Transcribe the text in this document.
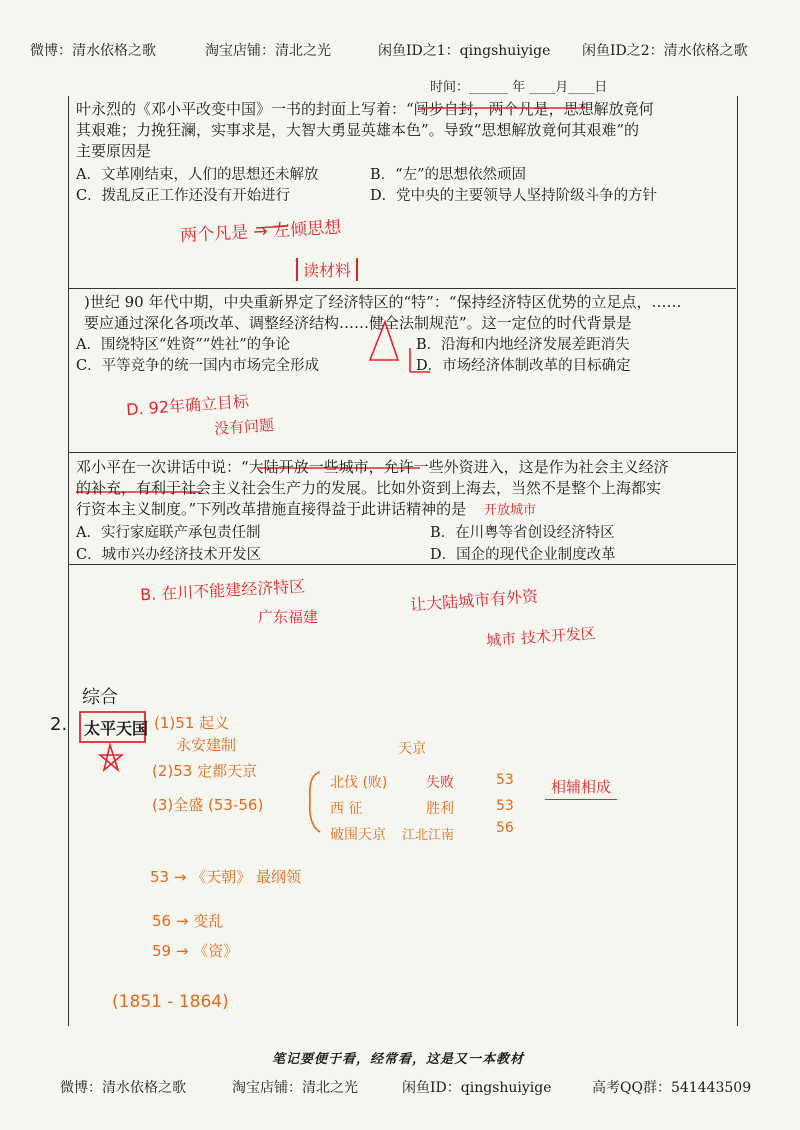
微博：清水依格之歌	淘宝店铺：清北之光	闲鱼ID之1：qingshuiyige 闲鱼ID之2：清水依格之歌
时间：______ 年 ____月____日
叶永烈的《邓小平改变中国》一书的封面上写着：“闯步自封，两个凡是，思想解放竟何
其艰难；力挽狂澜，实事求是，大智大勇显英雄本色”。导致“思想解放竟何其艰难”的
主要原因是
A．文革刚结束，人们的思想还未解放	B．“左”的思想依然顽固
C．拨乱反正工作还没有开始进行	D．党中央的主要领导人坚持阶级斗争的方针
两个凡是 → 左倾思想
读材料
)世纪 90 年代中期，中央重新界定了经济特区的“特”：“保持经济特区优势的立足点，……
要应通过深化各项改革、调整经济结构……健全法制规范”。这一定位的时代背景是
A．围绕特区“姓资”“姓社”的争论	B．沿海和内地经济发展差距消失
C．平等竞争的统一国内市场完全形成	D．市场经济体制改革的目标确定
D. 92年确立目标
没有问题
邓小平在一次讲话中说：“大陆开放一些城市，允许一些外资进入，这是作为社会主义经济
的补充，有利于社会主义社会生产力的发展。比如外资到上海去，当然不是整个上海都实
行资本主义制度。”下列改革措施直接得益于此讲话精神的是
A．实行家庭联产承包责任制	B．在川粤等省创设经济特区
C．城市兴办经济技术开发区	D．国企的现代企业制度改革
开放城市
B. 在川不能建经济特区
广东福建
让大陆城市有外资
城市 技术开发区
综合
2. 太平天国 (1)51 起义
永安建制
(2)53 定都天京
(3)全盛 (53-56)
天京
北伐 (败)	失败	53
西 征	胜利	53
破围天京 江北江南	56
相辅相成
53 → 《天朝》 最纲领
56 → 变乱
59 → 《资》
(1851 - 1864)
笔记要便于看，经常看，这是又一本教材
微博：清水依格之歌	淘宝店铺：清北之光	闲鱼ID：qingshuiyige	高考QQ群：541443509
